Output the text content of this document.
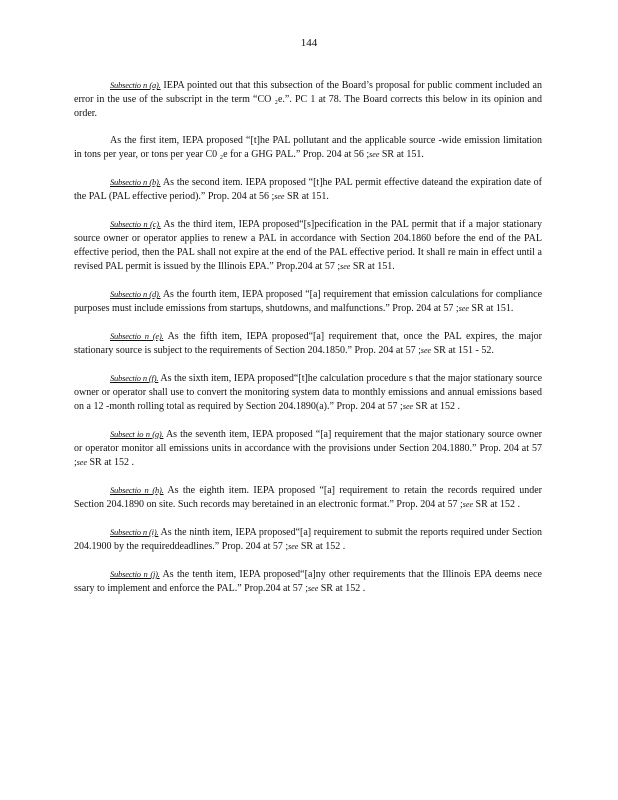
144

Subsectio n (a). IEPA pointed out that this subsection of the Board’s proposal for public comment included an error in the use of the subscript in the term “CO ₂e.”. PC 1 at 78. The Board corrects this below in its opinion and order.

As the first item, IEPA proposed “[t]he PAL pollutant and the applicable source -wide emission limitation in tons per year, or tons per year C0 ₂e for a GHG PAL.” Prop. 204 at 56 ;see SR at 151.

Subsectio n (b). As the second item. IEPA proposed “[t]he PAL permit effective dateand the expiration date of the PAL (PAL effective period).” Prop. 204 at 56 ;see SR at 151.

Subsectio n (c). As the third item, IEPA proposed“[s]pecification in the PAL permit that if a major stationary source owner or operator applies to renew a PAL in accordance with Section 204.1860 before the end of the PAL effective period, then the PAL shall not expire at the end of the PAL effective period. It shall re main in effect until a revised PAL permit is issued by the Illinois EPA.” Prop.204 at 57 ;see SR at 151.

Subsectio n (d). As the fourth item, IEPA proposed “[a] requirement that emission calculations for compliance purposes must include emissions from startups, shutdowns, and malfunctions.” Prop. 204 at 57 ;see SR at 151.

Subsectio n (e). As the fifth item, IEPA proposed“[a] requirement that, once the PAL expires, the major stationary source is subject to the requirements of Section 204.1850.” Prop. 204 at 57 ;see SR at 151 - 52.

Subsectio n (f). As the sixth item, IEPA proposed“[t]he calculation procedure s that the major stationary source owner or operator shall use to convert the monitoring system data to monthly emissions and annual emissions based on a 12 -month rolling total as required by Section 204.1890(a).” Prop. 204 at 57 ;see SR at 152 .

Subsect io n (g). As the seventh item, IEPA proposed “[a] requirement that the major stationary source owner or operator monitor all emissions units in accordance with the provisions under Section 204.1880.” Prop. 204 at 57 ;see SR at 152 .

Subsectio n (h). As the eighth item. IEPA proposed “[a] requirement to retain the records required under Section 204.1890 on site. Such records may beretained in an electronic format.” Prop. 204 at 57 ;see SR at 152 .

Subsectio n (i). As the ninth item, IEPA proposed“[a] requirement to submit the reports required under Section 204.1900 by the requireddeadlines.” Prop. 204 at 57 ;see SR at 152 .

Subsectio n (j). As the tenth item, IEPA proposed“[a]ny other requirements that the Illinois EPA deems nece ssary to implement and enforce the PAL.” Prop.204 at 57 ;see SR at 152 .
